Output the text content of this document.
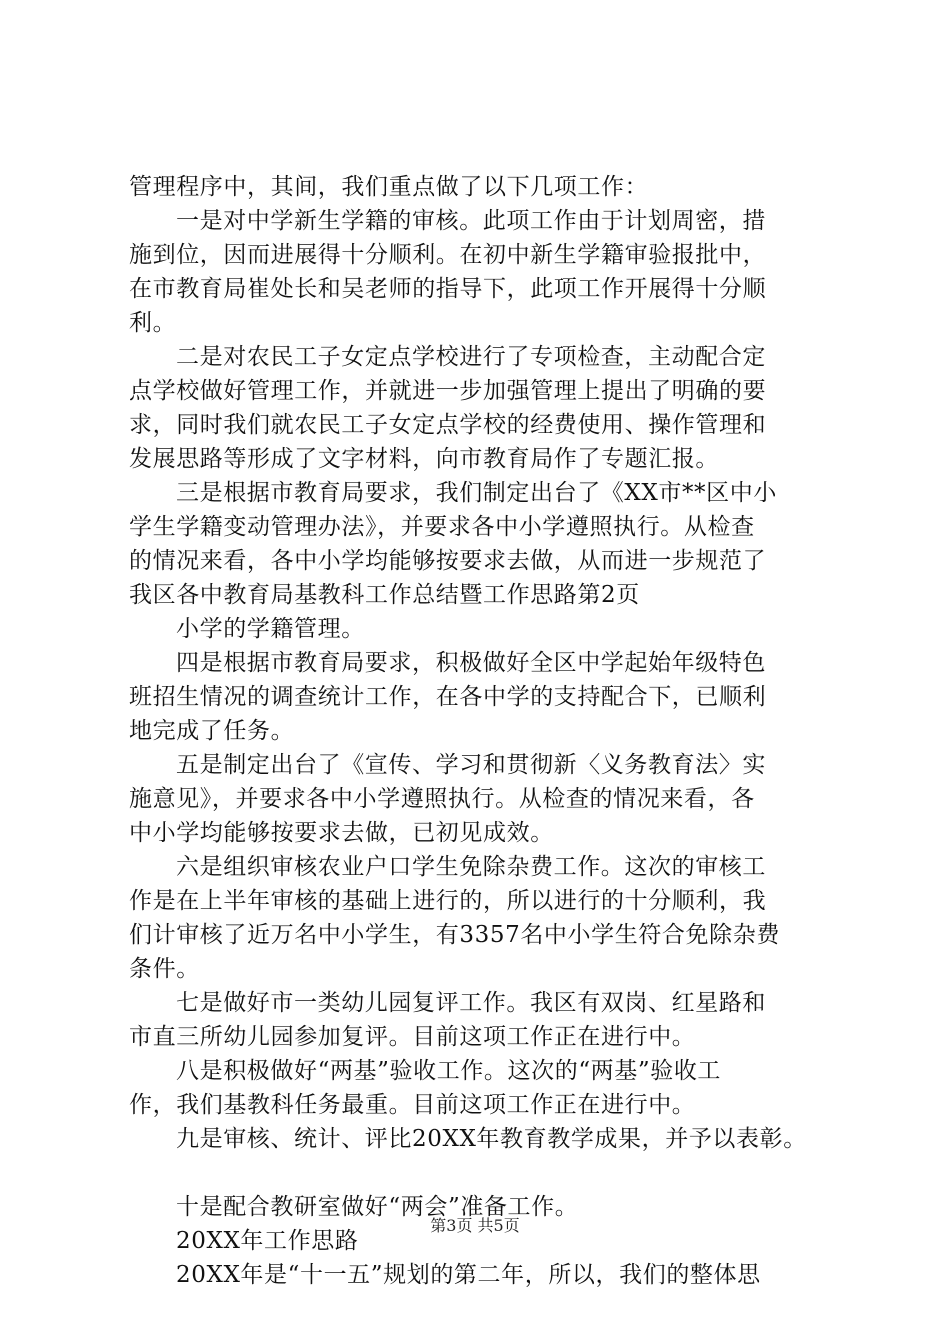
管理程序中，其间，我们重点做了以下几项工作：
一是对中学新生学籍的审核。此项工作由于计划周密，措
施到位，因而进展得十分顺利。在初中新生学籍审验报批中，
在市教育局崔处长和吴老师的指导下，此项工作开展得十分顺
利。
二是对农民工子女定点学校进行了专项检查，主动配合定
点学校做好管理工作，并就进一步加强管理上提出了明确的要
求，同时我们就农民工子女定点学校的经费使用、操作管理和
发展思路等形成了文字材料，向市教育局作了专题汇报。
三是根据市教育局要求，我们制定出台了《XX市**区中小
学生学籍变动管理办法》，并要求各中小学遵照执行。从检查
的情况来看，各中小学均能够按要求去做，从而进一步规范了
我区各中教育局基教科工作总结暨工作思路第2页
小学的学籍管理。
四是根据市教育局要求，积极做好全区中学起始年级特色
班招生情况的调查统计工作，在各中学的支持配合下，已顺利
地完成了任务。
五是制定出台了《宣传、学习和贯彻新〈义务教育法〉实
施意见》，并要求各中小学遵照执行。从检查的情况来看，各
中小学均能够按要求去做，已初见成效。
六是组织审核农业户口学生免除杂费工作。这次的审核工
作是在上半年审核的基础上进行的，所以进行的十分顺利，我
们计审核了近万名中小学生，有3357名中小学生符合免除杂费
条件。
七是做好市一类幼儿园复评工作。我区有双岗、红星路和
市直三所幼儿园参加复评。目前这项工作正在进行中。
八是积极做好“两基”验收工作。这次的“两基”验收工
作，我们基教科任务最重。目前这项工作正在进行中。
九是审核、统计、评比20XX年教育教学成果，并予以表彰。
十是配合教研室做好“两会”准备工作。
20XX年工作思路
20XX年是“十一五”规划的第二年，所以，我们的整体思
第3页 共5页
